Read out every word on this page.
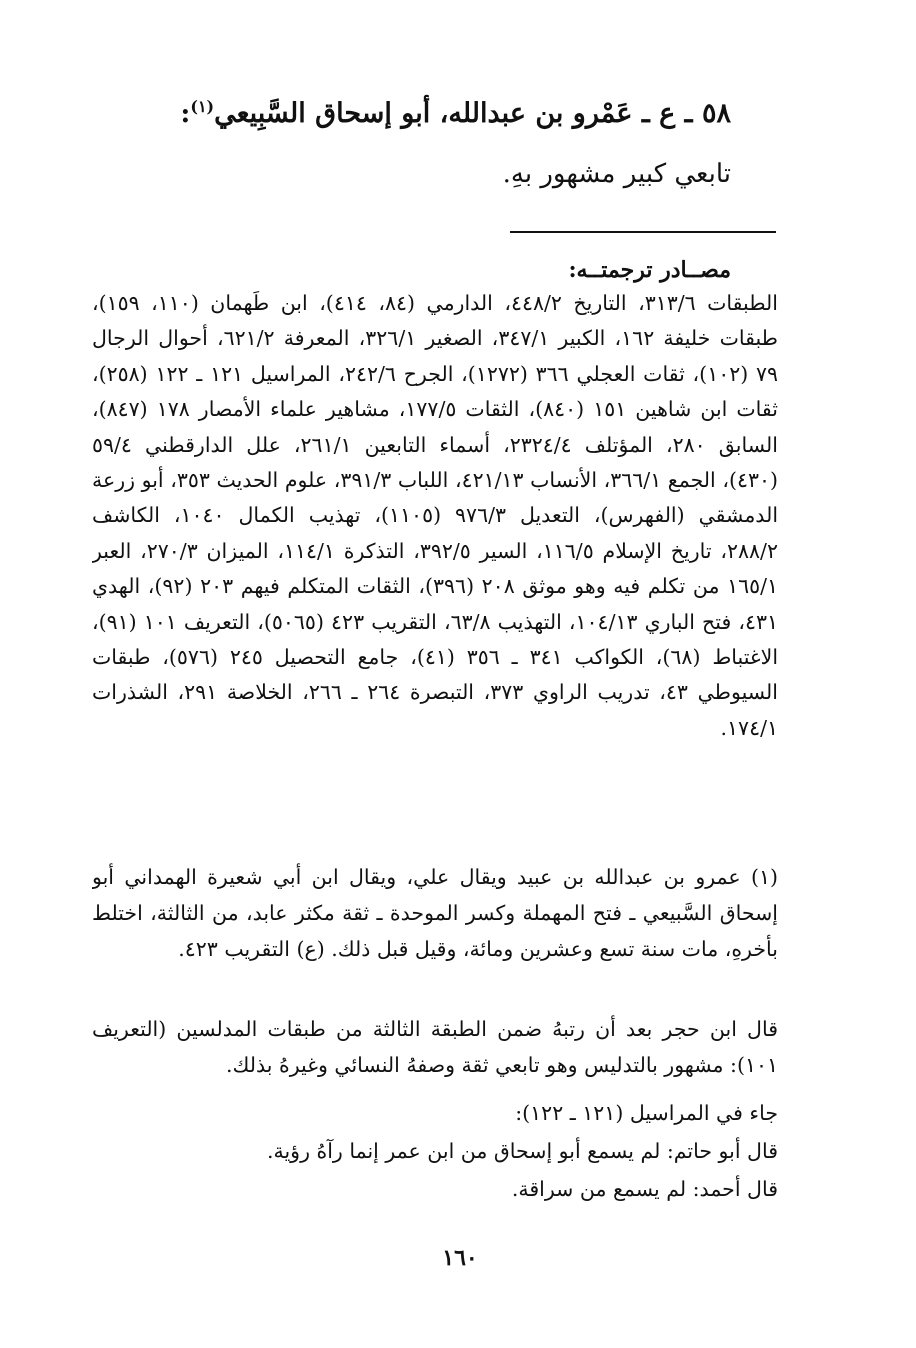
٥٨ ـ ع ـ عَمْرو بن عبدالله، أبو إسحاق السَّبِيعي$^{(١)}$:
تابعي كبير مشهور بهِ.
مصــادر ترجمتــه:
الطبقات ٣١٣/٦، التاريخ ٤٤٨/٢، الدارمي (٨٤، ٤١٤)، ابن طَهمان (١١٠، ١٥٩)، طبقات خليفة ١٦٢، الكبير ٣٤٧/١، الصغير ٣٢٦/١، المعرفة ٦٢١/٢، أحوال الرجال ٧٩ (١٠٢)، ثقات العجلي ٣٦٦ (١٢٧٢)، الجرح ٢٤٢/٦، المراسيل ١٢١ ـ ١٢٢ (٢٥٨)، ثقات ابن شاهين ١٥١ (٨٤٠)، الثقات ١٧٧/٥، مشاهير علماء الأمصار ١٧٨ (٨٤٧)، السابق ٢٨٠، المؤتلف ٢٣٢٤/٤، أسماء التابعين ٢٦١/١، علل الدارقطني ٥٩/٤ (٤٣٠)، الجمع ٣٦٦/١، الأنساب ٤٢١/١٣، اللباب ٣٩١/٣، علوم الحديث ٣٥٣، أبو زرعة الدمشقي (الفهرس)، التعديل ٩٧٦/٣ (١١٠٥)، تهذيب الكمال ١٠٤٠، الكاشف ٢٨٨/٢، تاريخ الإسلام ١١٦/٥، السير ٣٩٢/٥، التذكرة ١١٤/١، الميزان ٢٧٠/٣، العبر ١٦٥/١ من تكلم فيه وهو موثق ٢٠٨ (٣٩٦)، الثقات المتكلم فيهم ٢٠٣ (٩٢)، الهدي ٤٣١، فتح الباري ١٠٤/١٣، التهذيب ٦٣/٨، التقريب ٤٢٣ (٥٠٦٥)، التعريف ١٠١ (٩١)، الاغتباط (٦٨)، الكواكب ٣٤١ ـ ٣٥٦ (٤١)، جامع التحصيل ٢٤٥ (٥٧٦)، طبقات السيوطي ٤٣، تدريب الراوي ٣٧٣، التبصرة ٢٦٤ ـ ٢٦٦، الخلاصة ٢٩١، الشذرات ١٧٤/١.
(١) عمرو بن عبدالله بن عبيد ويقال علي، ويقال ابن أبي شعيرة الهمداني أبو إسحاق السَّبيعي ـ فتح المهملة وكسر الموحدة ـ ثقة مكثر عابد، من الثالثة، اختلط بأخرهِ، مات سنة تسع وعشرين ومائة، وقيل قبل ذلك. (ع) التقريب ٤٢٣.
قال ابن حجر بعد أن رتبهُ ضمن الطبقة الثالثة من طبقات المدلسين (التعريف ١٠١): مشهور بالتدليس وهو تابعي ثقة وصفهُ النسائي وغيرهُ بذلك.
جاء في المراسيل (١٢١ ـ ١٢٢):
قال أبو حاتم: لم يسمع أبو إسحاق من ابن عمر إنما رآهُ رؤية.
قال أحمد: لم يسمع من سراقة.
١٦٠
